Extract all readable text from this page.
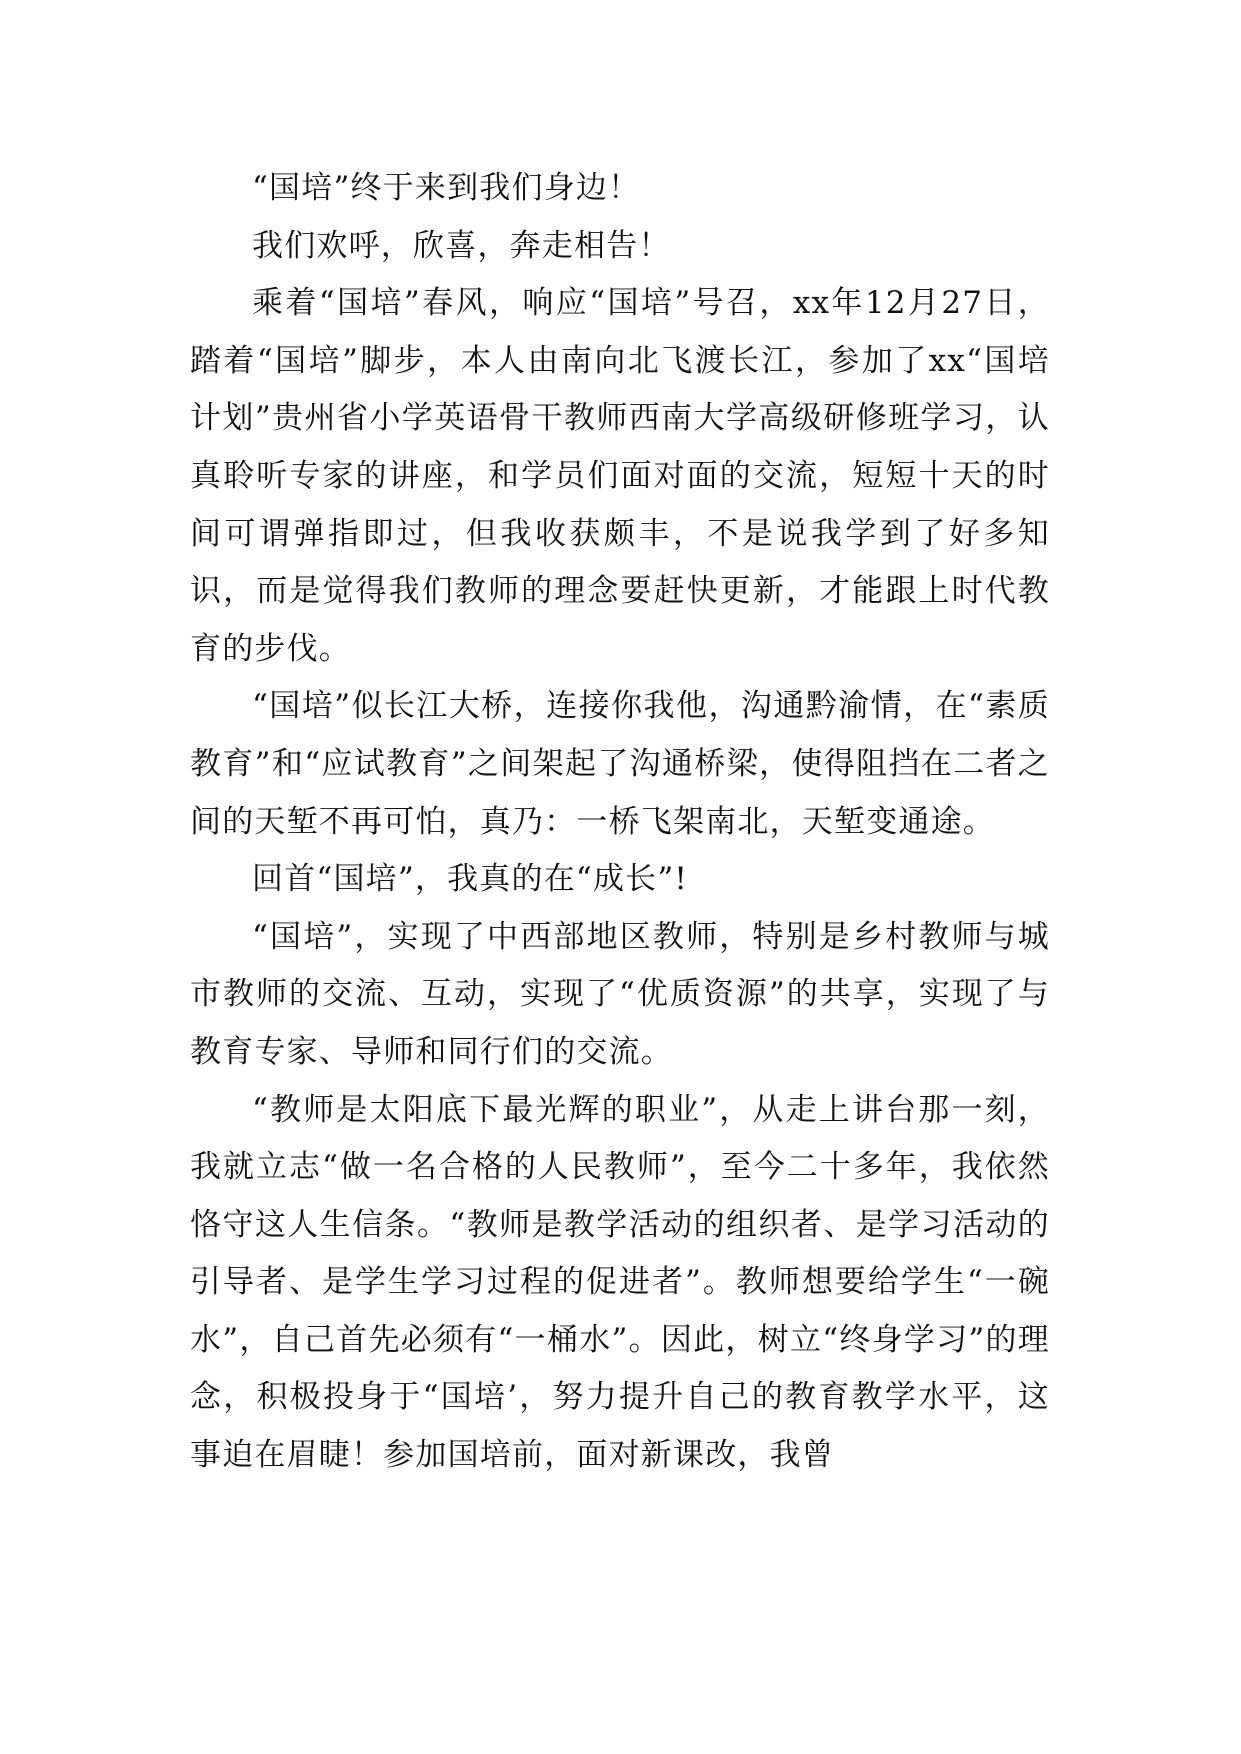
“国培”终于来到我们身边！

我们欢呼，欣喜，奔走相告！

乘着“国培”春风，响应“国培”号召，xx年12月27日，踏着“国培”脚步，本人由南向北飞渡长江，参加了xx“国培计划”贵州省小学英语骨干教师西南大学高级研修班学习，认真聆听专家的讲座，和学员们面对面的交流，短短十天的时间可谓弹指即过，但我收获颇丰，不是说我学到了好多知识，而是觉得我们教师的理念要赶快更新，才能跟上时代教育的步伐。

“国培”似长江大桥，连接你我他，沟通黔渝情，在“素质教育”和“应试教育”之间架起了沟通桥梁，使得阻挡在二者之间的天堑不再可怕，真乃：一桥飞架南北，天堑变通途。

回首“国培”，我真的在“成长”!

“国培”，实现了中西部地区教师，特别是乡村教师与城市教师的交流、互动，实现了“优质资源”的共享，实现了与教育专家、导师和同行们的交流。

“教师是太阳底下最光辉的职业”，从走上讲台那一刻，我就立志“做一名合格的人民教师”，至今二十多年，我依然恪守这人生信条。“教师是教学活动的组织者、是学习活动的引导者、是学生学习过程的促进者”。教师想要给学生“一碗水”，自己首先必须有“一桶水”。因此，树立“终身学习”的理念，积极投身于“国培’，努力提升自己的教育教学水平，这事迫在眉睫！参加国培前，面对新课改，我曾
